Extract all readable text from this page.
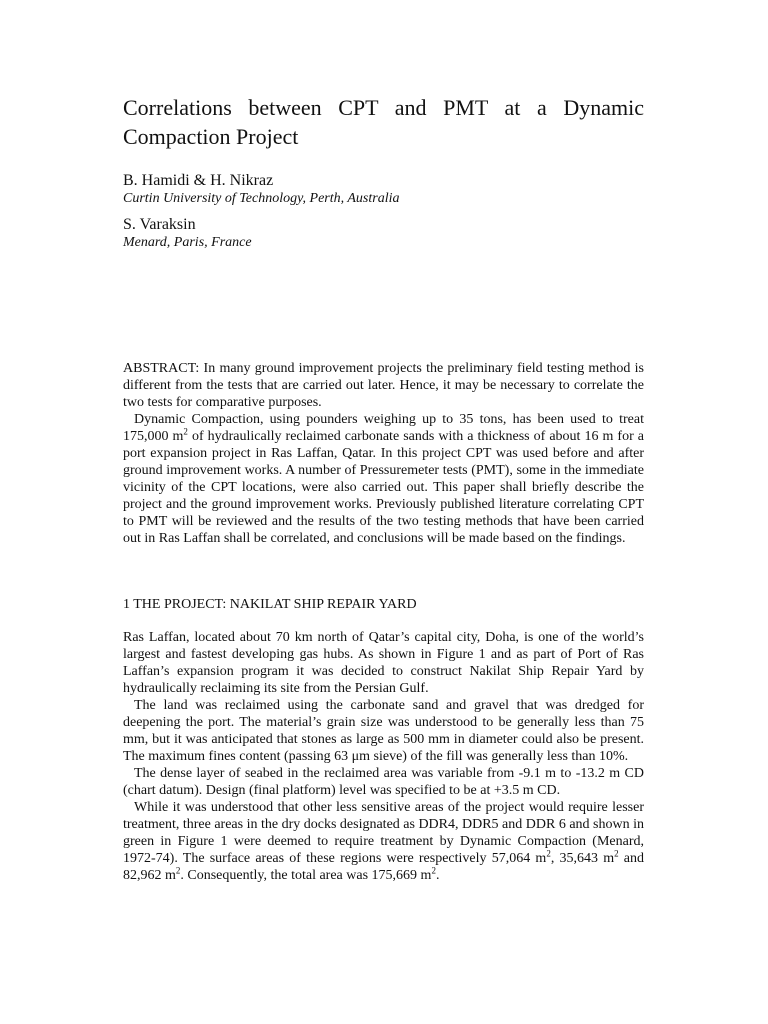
Correlations between CPT and PMT at a Dynamic
Compaction Project

B. Hamidi & H. Nikraz

Curtin University of Technology, Perth, Australia

S. Varaksin

Menard, Paris, France

ABSTRACT: In many ground improvement projects the preliminary field testing method is different from the tests that are carried out later. Hence, it may be necessary to correlate the two tests for comparative purposes.

Dynamic Compaction, using pounders weighing up to 35 tons, has been used to treat 175,000 $m^2$ of hydraulically reclaimed carbonate sands with a thickness of about 16 m for a port expansion project in Ras Laffan, Qatar. In this project CPT was used before and after ground improvement works. A number of Pressuremeter tests (PMT), some in the immediate vicinity of the CPT locations, were also carried out. This paper shall briefly describe the project and the ground improvement works. Previously published literature correlating CPT to PMT will be reviewed and the results of the two testing methods that have been carried out in Ras Laffan shall be correlated, and conclusions will be made based on the findings.

1 THE PROJECT: NAKILAT SHIP REPAIR YARD

Ras Laffan, located about 70 km north of Qatar’s capital city, Doha, is one of the world’s largest and fastest developing gas hubs. As shown in Figure 1 and as part of Port of Ras Laffan’s expansion program it was decided to construct Nakilat Ship Repair Yard by hydraulically reclaiming its site from the Persian Gulf.

The land was reclaimed using the carbonate sand and gravel that was dredged for deepening the port. The material’s grain size was understood to be generally less than 75 mm, but it was anticipated that stones as large as 500 mm in diameter could also be present. The maximum fines content (passing 63 μm sieve) of the fill was generally less than 10%.

The dense layer of seabed in the reclaimed area was variable from -9.1 m to -13.2 m CD (chart datum). Design (final platform) level was specified to be at +3.5 m CD.

While it was understood that other less sensitive areas of the project would require lesser treatment, three areas in the dry docks designated as DDR4, DDR5 and DDR 6 and shown in green in Figure 1 were deemed to require treatment by Dynamic Compaction (Menard, 1972-74). The surface areas of these regions were respectively 57,064 $m^2$, 35,643 $m^2$ and 82,962 $m^2$. Consequently, the total area was 175,669 $m^2$.
